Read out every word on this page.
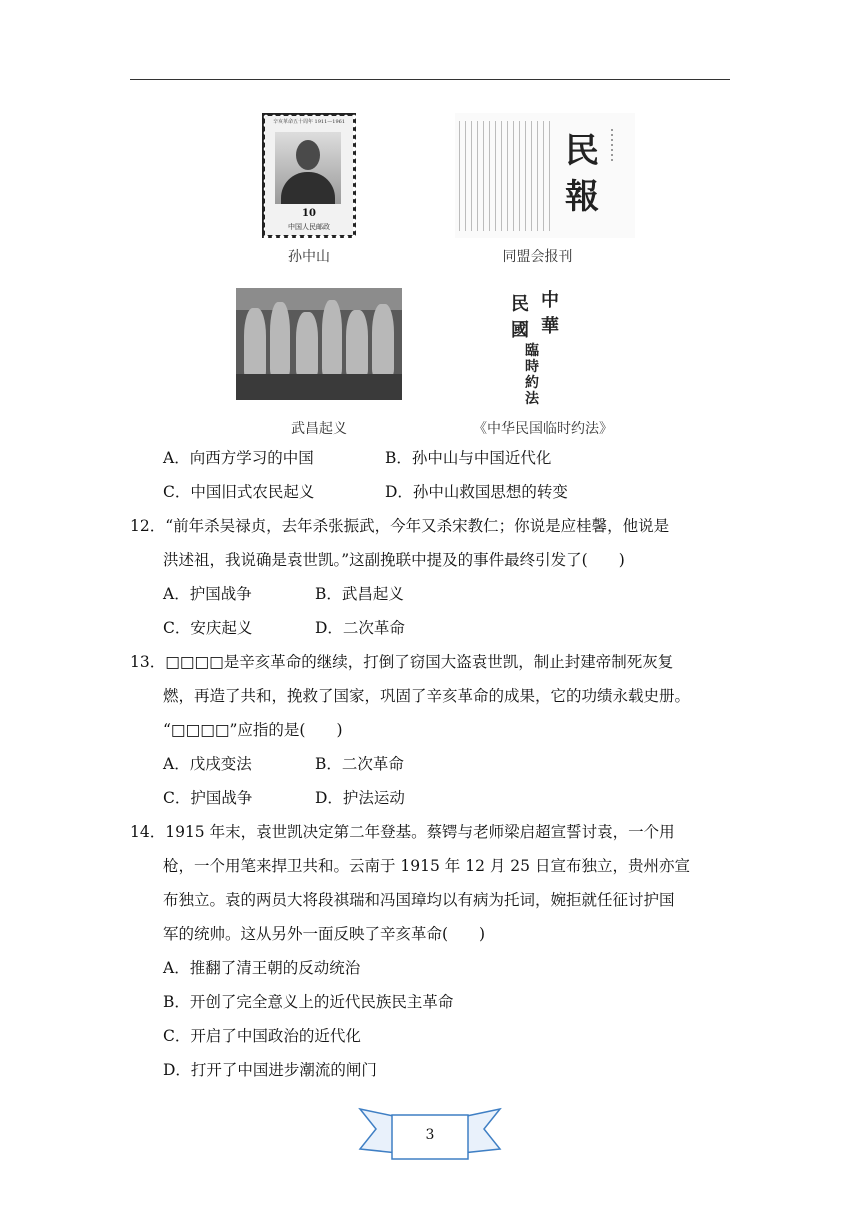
辛亥革命五十周年 1911—1961
10
中国人民邮政
孙中山
民
報
同盟会报刊
武昌起义
中
華
民
國
臨
時
約
法
《中华民国临时约法》
A．向西方学习的中国	B．孙中山与中国近代化
C．中国旧式农民起义	D．孙中山救国思想的转变
12．“前年杀吴禄贞，去年杀张振武，今年又杀宋教仁；你说是应桂馨，他说是
洪述祖，我说确是袁世凯。”这副挽联中提及的事件最终引发了(　　)
A．护国战争	B．武昌起义
C．安庆起义	D．二次革命
13．□□□□是辛亥革命的继续，打倒了窃国大盗袁世凯，制止封建帝制死灰复
燃，再造了共和，挽救了国家，巩固了辛亥革命的成果，它的功绩永载史册。
“□□□□”应指的是(　　)
A．戊戌变法	B．二次革命
C．护国战争	D．护法运动
14．1915 年末，袁世凯决定第二年登基。蔡锷与老师梁启超宣誓讨袁，一个用
枪，一个用笔来捍卫共和。云南于 1915 年 12 月 25 日宣布独立，贵州亦宣
布独立。袁的两员大将段祺瑞和冯国璋均以有病为托词，婉拒就任征讨护国
军的统帅。这从另外一面反映了辛亥革命(　　)
A．推翻了清王朝的反动统治
B．开创了完全意义上的近代民族民主革命
C．开启了中国政治的近代化
D．打开了中国进步潮流的闸门
3
